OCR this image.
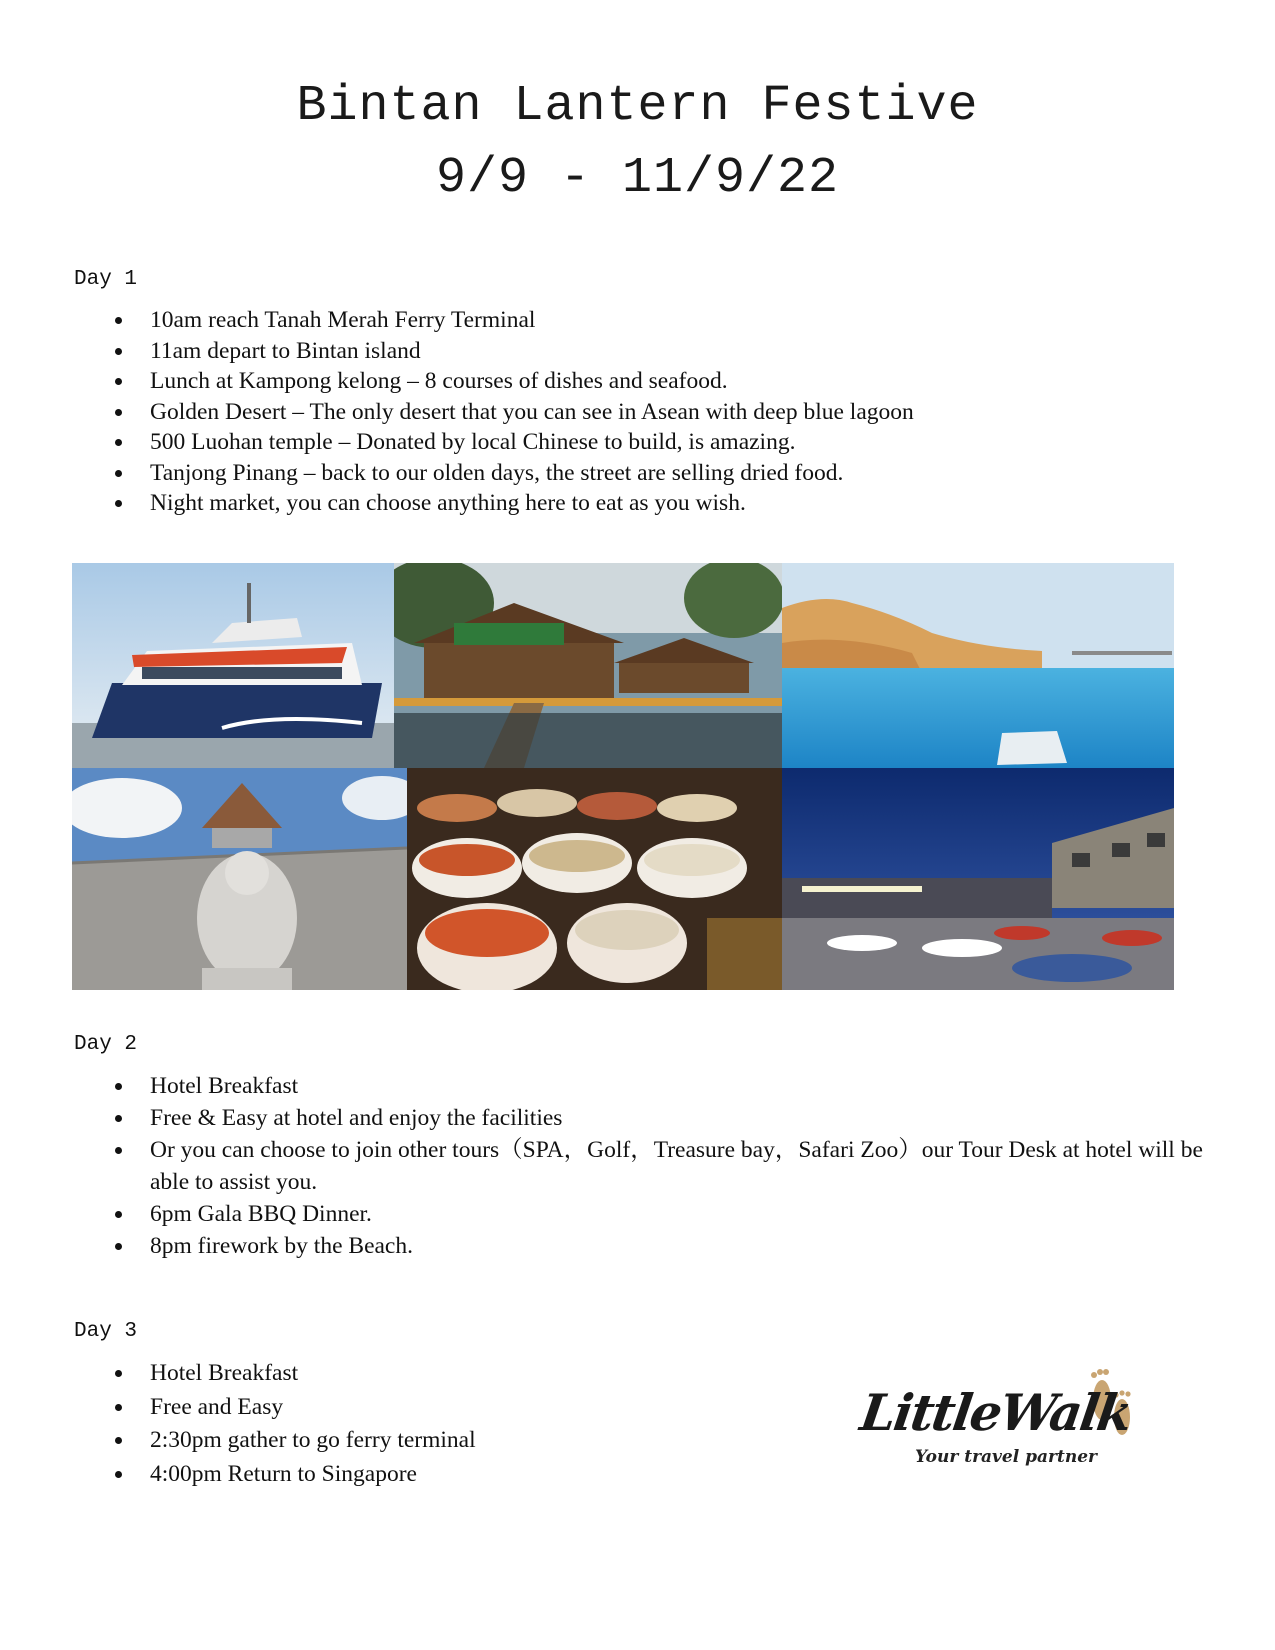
Bintan Lantern Festive
9/9 - 11/9/22
Day 1
10am reach Tanah Merah Ferry Terminal
11am depart to Bintan island
Lunch at Kampong kelong – 8 courses of dishes and seafood.
Golden Desert – The only desert that you can see in Asean with deep blue lagoon
500 Luohan temple – Donated by local Chinese to build, is amazing.
Tanjong Pinang – back to our olden days, the street are selling dried food.
Night market, you can choose anything here to eat as you wish.
Day 2
Hotel Breakfast
Free & Easy at hotel and enjoy the facilities
Or you can choose to join other tours（SPA，Golf，Treasure bay，Safari Zoo）our Tour Desk at hotel will be able to assist you.
6pm Gala BBQ Dinner.
8pm firework by the Beach.
Day 3
Hotel Breakfast
Free and Easy
2:30pm gather to go ferry terminal
4:00pm Return to Singapore
LittleWalk
Your travel partner
